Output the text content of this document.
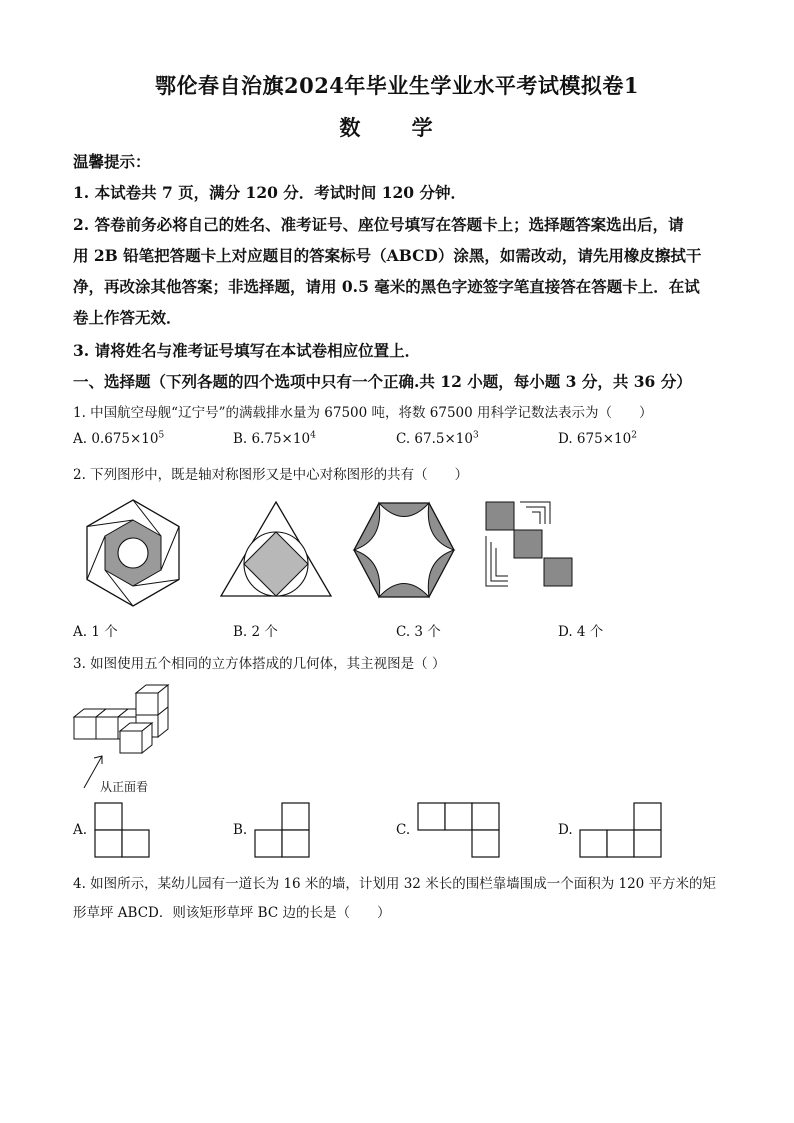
鄂伦春自治旗2024年毕业生学业水平考试模拟卷1
数 学
温馨提示：
1. 本试卷共 7 页，满分 120 分．考试时间 120 分钟．
2. 答卷前务必将自己的姓名、准考证号、座位号填写在答题卡上；选择题答案选出后，请
用 2B 铅笔把答题卡上对应题目的答案标号（ABCD）涂黑，如需改动，请先用橡皮擦拭干
净，再改涂其他答案；非选择题，请用 0.5 毫米的黑色字迹签字笔直接答在答题卡上．在试
卷上作答无效．
3. 请将姓名与准考证号填写在本试卷相应位置上．
一、选择题（下列各题的四个选项中只有一个正确.共 12 小题，每小题 3 分，共 36 分）
1. 中国航空母舰“辽宁号”的满载排水量为 67500 吨，将数 67500 用科学记数法表示为（　　）
A. $0.675\times 10^5$	B. $6.75\times 10^4$	C. $67.5\times 10^3$	D. $675\times 10^2$
2. 下列图形中，既是轴对称图形又是中心对称图形的共有（　　）
A. 1 个	B. 2 个	C. 3 个	D. 4 个
3. 如图使用五个相同的立方体搭成的几何体，其主视图是（ ）
从正面看
A.	B.	C.	D.
4. 如图所示，某幼儿园有一道长为 16 米的墙，计划用 32 米长的围栏靠墙围成一个面积为 120 平方米的矩
形草坪 ABCD．则该矩形草坪 BC 边的长是（　　）
